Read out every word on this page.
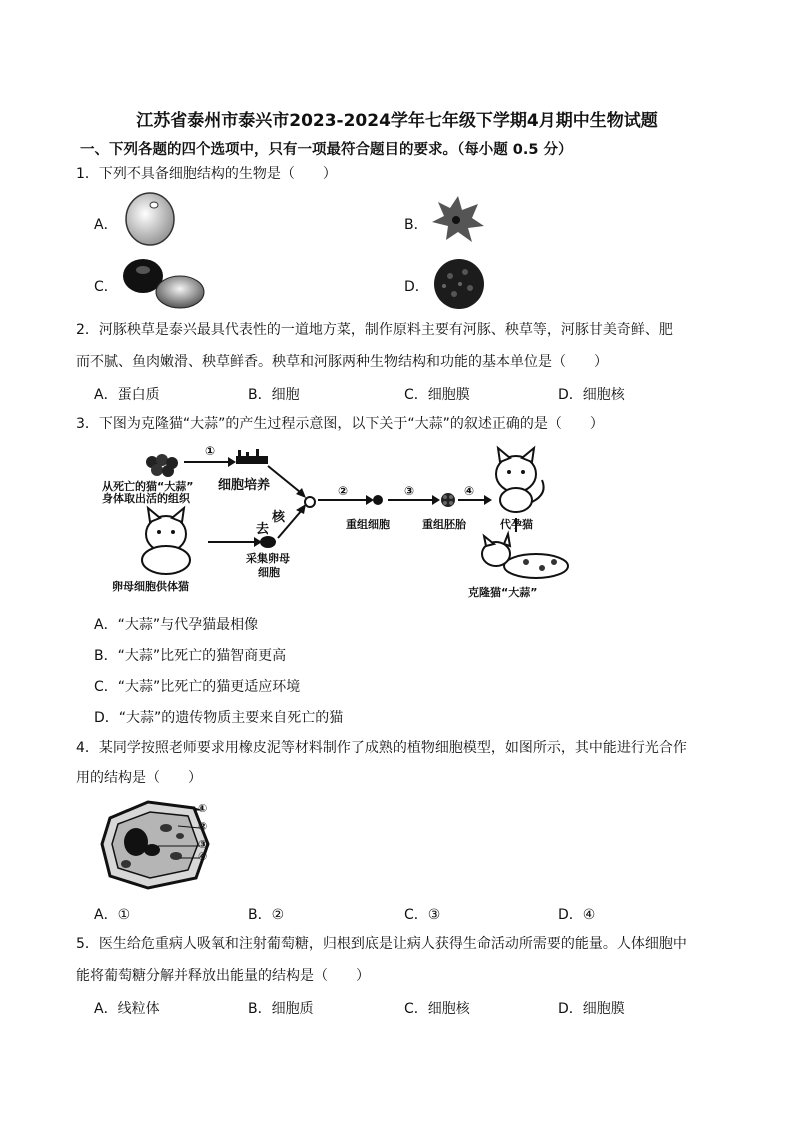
江苏省泰州市泰兴市2023-2024学年七年级下学期4月期中生物试题
一、下列各题的四个选项中，只有一项最符合题目的要求。（每小题 0.5 分）
1．下列不具备细胞结构的生物是（　　）
A．	B．
C．	D．
2．河豚秧草是泰兴最具代表性的一道地方菜，制作原料主要有河豚、秧草等，河豚甘美奇鲜、肥
而不腻、鱼肉嫩滑、秧草鲜香。秧草和河豚两种生物结构和功能的基本单位是（　　）
A．蛋白质	B．细胞	C．细胞膜	D．细胞核
3．下图为克隆猫“大蒜”的产生过程示意图，以下关于“大蒜”的叙述正确的是（　　）
①
从死亡的猫“大蒜”
身体取出活的组织
细胞培养
去
核
采集卵母
细胞
卵母细胞供体猫
②
重组细胞
③
重组胚胎
④
代孕猫
克隆猫“大蒜”
A．“大蒜”与代孕猫最相像
B．“大蒜”比死亡的猫智商更高
C．“大蒜”比死亡的猫更适应环境
D．“大蒜”的遗传物质主要来自死亡的猫
4．某同学按照老师要求用橡皮泥等材料制作了成熟的植物细胞模型，如图所示，其中能进行光合作
用的结构是（　　）
①
②
③
④
A．①	B．②	C．③	D．④
5．医生给危重病人吸氧和注射葡萄糖，归根到底是让病人获得生命活动所需要的能量。人体细胞中
能将葡萄糖分解并释放出能量的结构是（　　）
A．线粒体	B．细胞质	C．细胞核	D．细胞膜
